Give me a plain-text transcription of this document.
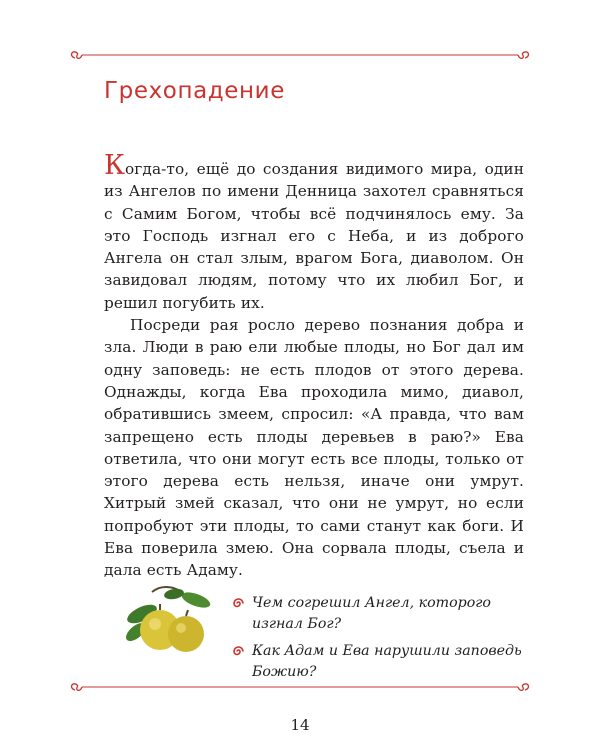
Грехопадение

Когда-то, ещё до создания видимого мира, один из Ангелов по имени Денница захотел сравняться с Самим Богом, чтобы всё подчинялось ему. За это Господь изгнал его с Неба, и из доброго Ангела он стал злым, врагом Бога, диаволом. Он завидовал людям, потому что их любил Бог, и решил погубить их.

Посреди рая росло дерево познания добра и зла. Люди в раю ели любые плоды, но Бог дал им одну заповедь: не есть плодов от этого дерева. Однажды, когда Ева проходила мимо, диавол, обратившись змеем, спросил: «А правда, что вам запрещено есть плоды деревьев в раю?» Ева ответила, что они могут есть все плоды, только от этого дерева есть нельзя, иначе они умрут. Хитрый змей сказал, что они не умрут, но если попробуют эти плоды, то сами станут как боги. И Ева поверила змею. Она сорвала плоды, съела и дала есть Адаму.

Чем согрешил Ангел, которого изгнал Бог?

Как Адам и Ева нарушили заповедь Божию?

14
